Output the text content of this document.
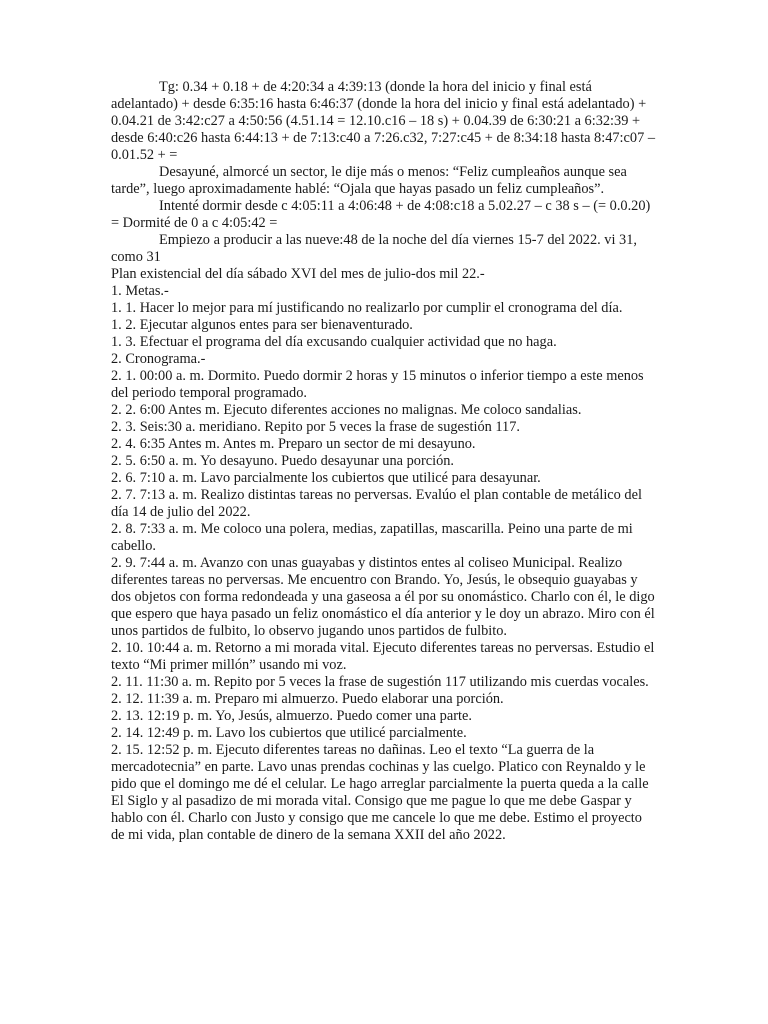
Tg: 0.34 + 0.18 + de 4:20:34 a 4:39:13 (donde la hora del inicio y final está adelantado) + desde 6:35:16 hasta 6:46:37 (donde la hora del inicio y final está adelantado) + 0.04.21 de 3:42:c27 a 4:50:56 (4.51.14 = 12.10.c16 – 18 s) + 0.04.39 de 6:30:21 a 6:32:39 + desde 6:40:c26 hasta 6:44:13 + de 7:13:c40 a 7:26.c32, 7:27:c45 + de 8:34:18 hasta 8:47:c07 – 0.01.52 + =

Desayuné, almorcé un sector, le dije más o menos: “Feliz cumpleaños aunque sea tarde”, luego aproximadamente hablé: “Ojala que hayas pasado un feliz cumpleaños”.

Intenté dormir desde c 4:05:11 a 4:06:48 + de 4:08:c18 a 5.02.27 – c 38 s – (= 0.0.20) = Dormité de 0 a c 4:05:42 =

Empiezo a producir a las nueve:48 de la noche del día viernes 15-7 del 2022. vi 31, como 31

Plan existencial del día sábado XVI del mes de julio-dos mil 22.-

1. Metas.-

1. 1. Hacer lo mejor para mí justificando no realizarlo por cumplir el cronograma del día.

1. 2. Ejecutar algunos entes para ser bienaventurado.

1. 3. Efectuar el programa del día excusando cualquier actividad que no haga.

2. Cronograma.-

2. 1. 00:00 a. m. Dormito. Puedo dormir 2 horas y 15 minutos o inferior tiempo a este menos del periodo temporal programado.

2. 2. 6:00 Antes m. Ejecuto diferentes acciones no malignas. Me coloco sandalias.

2. 3. Seis:30 a. meridiano. Repito por 5 veces la frase de sugestión 117.

2. 4. 6:35 Antes m. Antes m. Preparo un sector de mi desayuno.

2. 5. 6:50 a. m. Yo desayuno. Puedo desayunar una porción.

2. 6. 7:10 a. m. Lavo parcialmente los cubiertos que utilicé para desayunar.

2. 7. 7:13 a. m. Realizo distintas tareas no perversas. Evalúo el plan contable de metálico del día 14 de julio del 2022.

2. 8. 7:33 a. m. Me coloco una polera, medias, zapatillas, mascarilla. Peino una parte de mi cabello.

2. 9. 7:44 a. m. Avanzo con unas guayabas y distintos entes al coliseo Municipal. Realizo diferentes tareas no perversas. Me encuentro con Brando. Yo, Jesús, le obsequio guayabas y dos objetos con forma redondeada y una gaseosa a él por su onomástico. Charlo con él, le digo que espero que haya pasado un feliz onomástico el día anterior y le doy un abrazo. Miro con él unos partidos de fulbito, lo observo jugando unos partidos de fulbito.

2. 10. 10:44 a. m. Retorno a mi morada vital. Ejecuto diferentes tareas no perversas. Estudio el texto “Mi primer millón” usando mi voz.

2. 11. 11:30 a. m. Repito por 5 veces la frase de sugestión 117 utilizando mis cuerdas vocales.

2. 12. 11:39 a. m. Preparo mi almuerzo. Puedo elaborar una porción.

2. 13. 12:19 p. m. Yo, Jesús, almuerzo. Puedo comer una parte.

2. 14. 12:49 p. m. Lavo los cubiertos que utilicé parcialmente.

2. 15. 12:52 p. m. Ejecuto diferentes tareas no dañinas. Leo el texto “La guerra de la mercadotecnia” en parte. Lavo unas prendas cochinas y las cuelgo. Platico con Reynaldo y le pido que el domingo me dé el celular. Le hago arreglar parcialmente la puerta queda a la calle El Siglo y al pasadizo de mi morada vital. Consigo que me pague lo que me debe Gaspar y hablo con él. Charlo con Justo y consigo que me cancele lo que me debe. Estimo el proyecto de mi vida, plan contable de dinero de la semana XXII del año 2022.
